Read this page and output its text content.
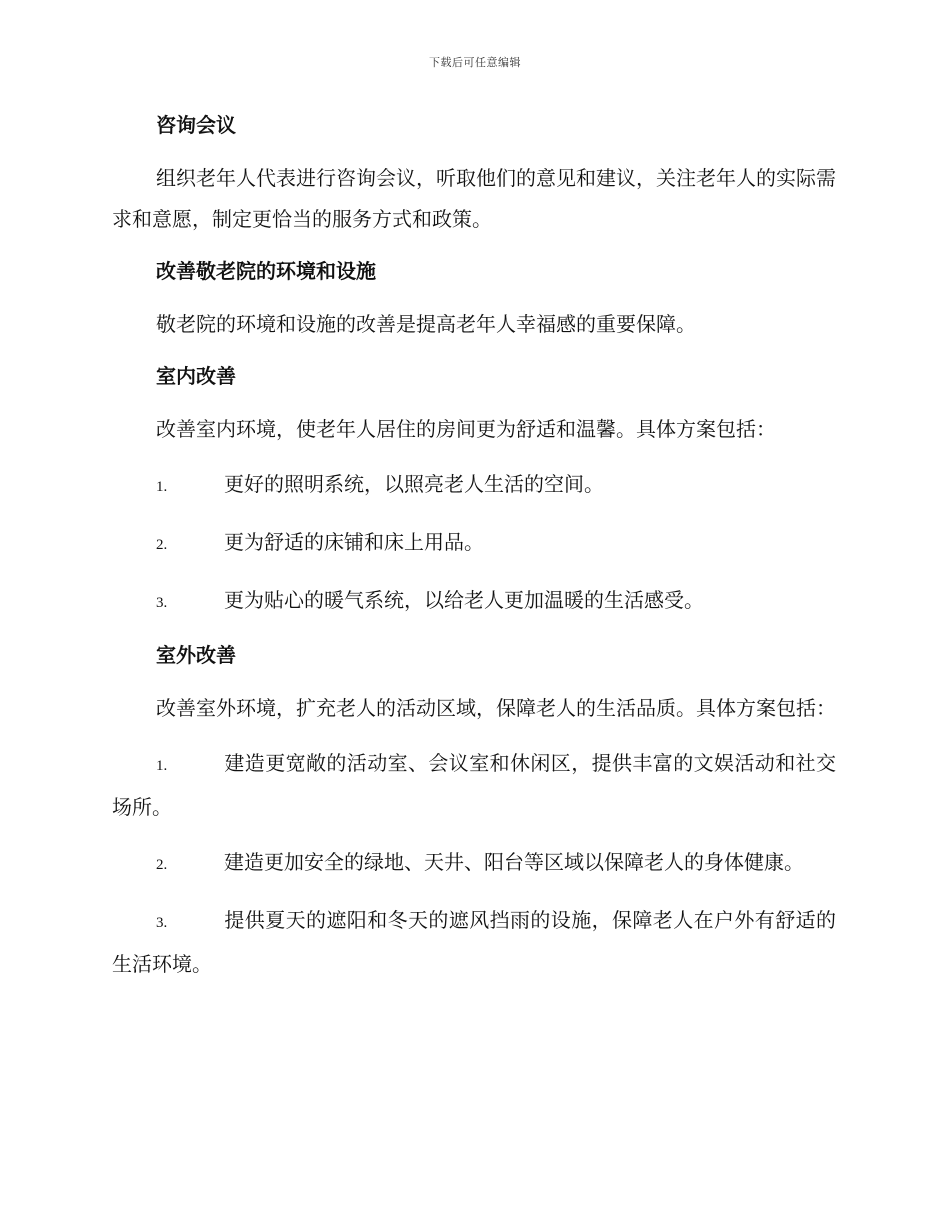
下载后可任意编辑
咨询会议

组织老年人代表进行咨询会议，听取他们的意见和建议，关注老年人的实际需求和意愿，制定更恰当的服务方式和政策。

改善敬老院的环境和设施

敬老院的环境和设施的改善是提高老年人幸福感的重要保障。

室内改善

改善室内环境，使老年人居住的房间更为舒适和温馨。具体方案包括：

1.	更好的照明系统，以照亮老人生活的空间。

2.	更为舒适的床铺和床上用品。

3.	更为贴心的暖气系统，以给老人更加温暖的生活感受。

室外改善

改善室外环境，扩充老人的活动区域，保障老人的生活品质。具体方案包括：

1.	建造更宽敞的活动室、会议室和休闲区，提供丰富的文娱活动和社交场所。

2.	建造更加安全的绿地、天井、阳台等区域以保障老人的身体健康。

3.	提供夏天的遮阳和冬天的遮风挡雨的设施，保障老人在户外有舒适的生活环境。
